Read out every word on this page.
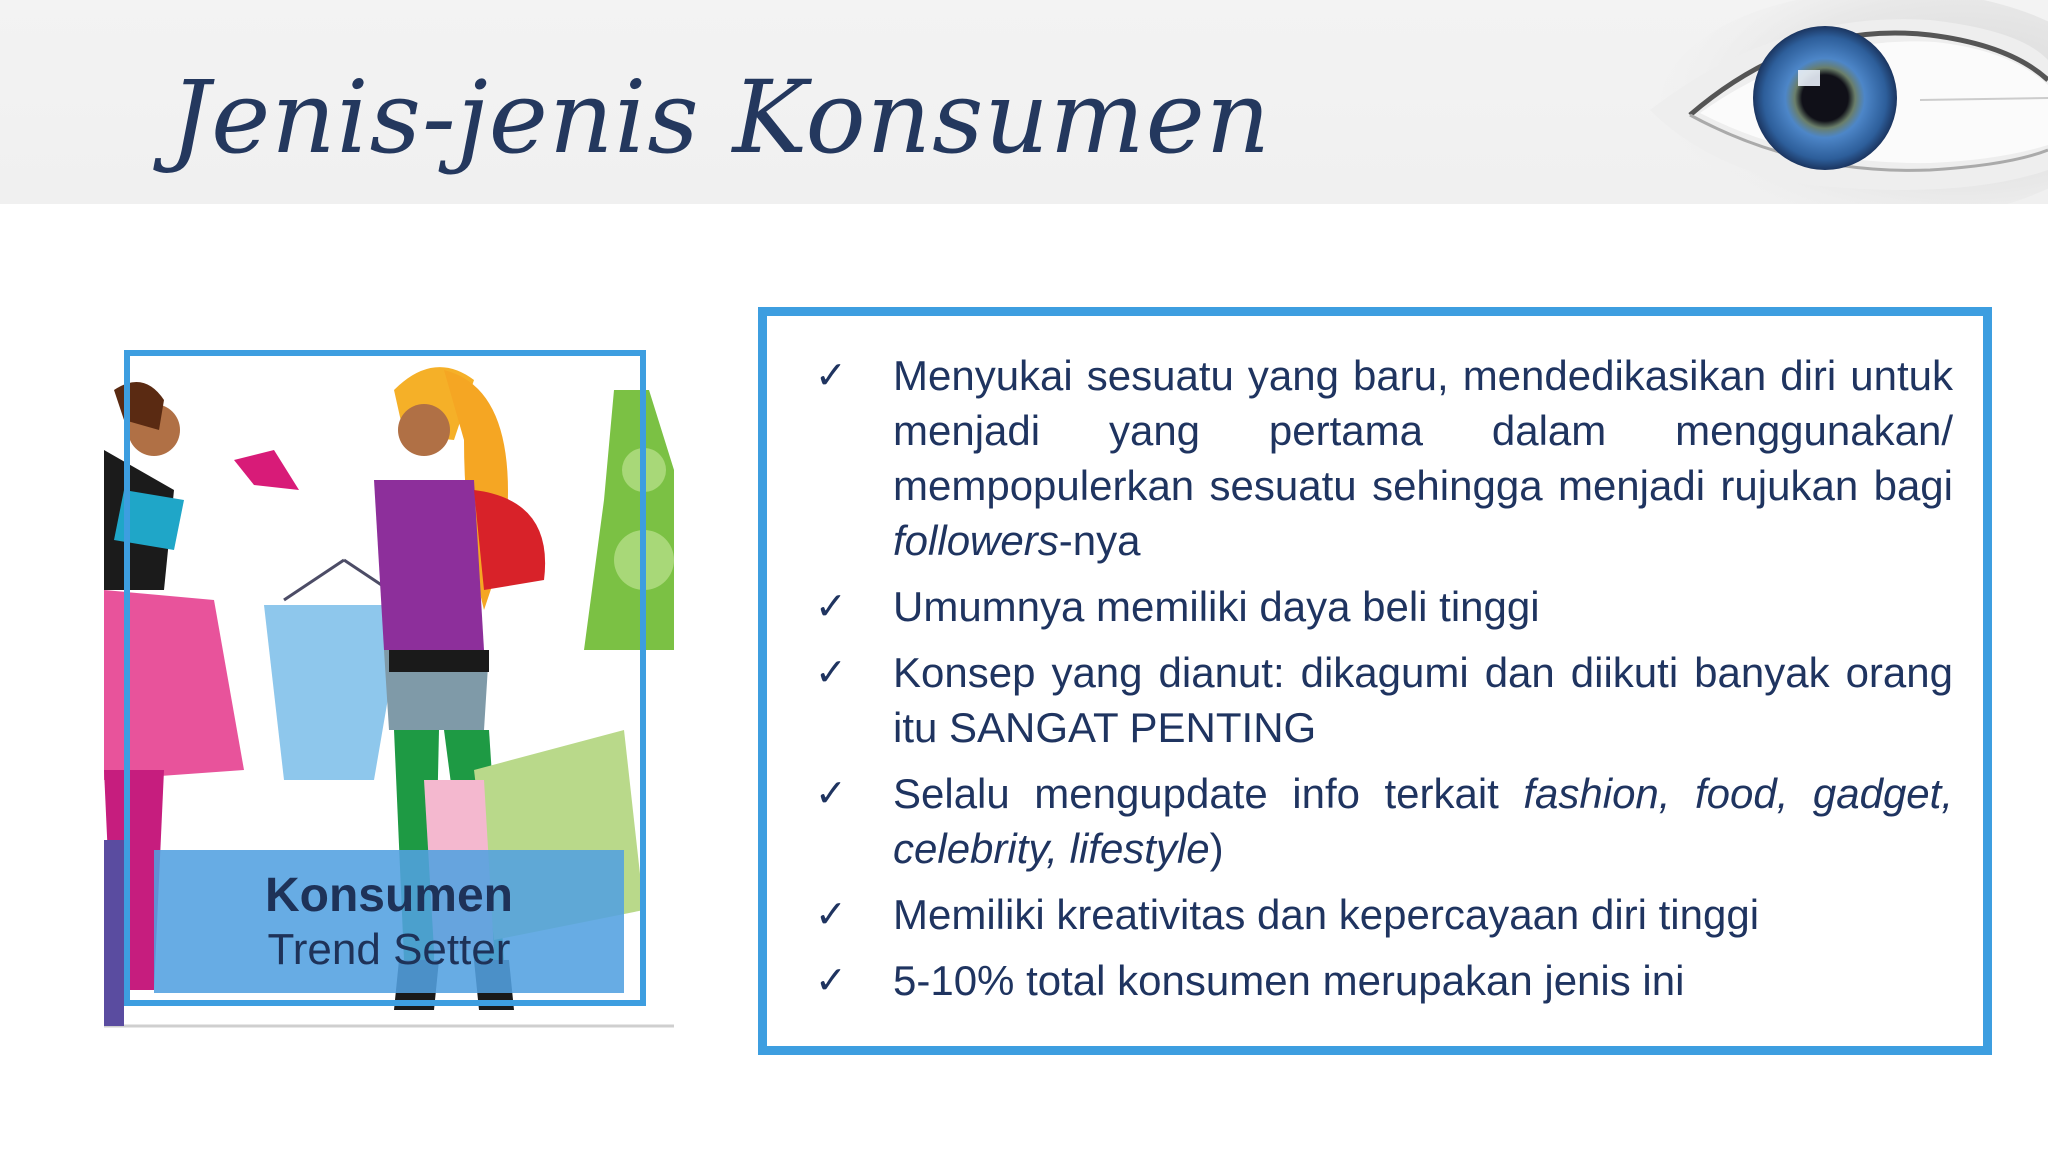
Jenis-jenis Konsumen
Konsumen
Trend Setter
✓ Menyukai sesuatu yang baru, mendedikasikan diri untuk menjadi yang pertama dalam menggunakan/ mempopulerkan sesuatu sehingga menjadi rujukan bagi followers-nya
✓ Umumnya memiliki daya beli tinggi
✓ Konsep yang dianut: dikagumi dan diikuti banyak orang itu SANGAT PENTING
✓ Selalu mengupdate info terkait fashion, food, gadget, celebrity, lifestyle)
✓ Memiliki kreativitas dan kepercayaan diri tinggi
✓ 5-10% total konsumen merupakan jenis ini
